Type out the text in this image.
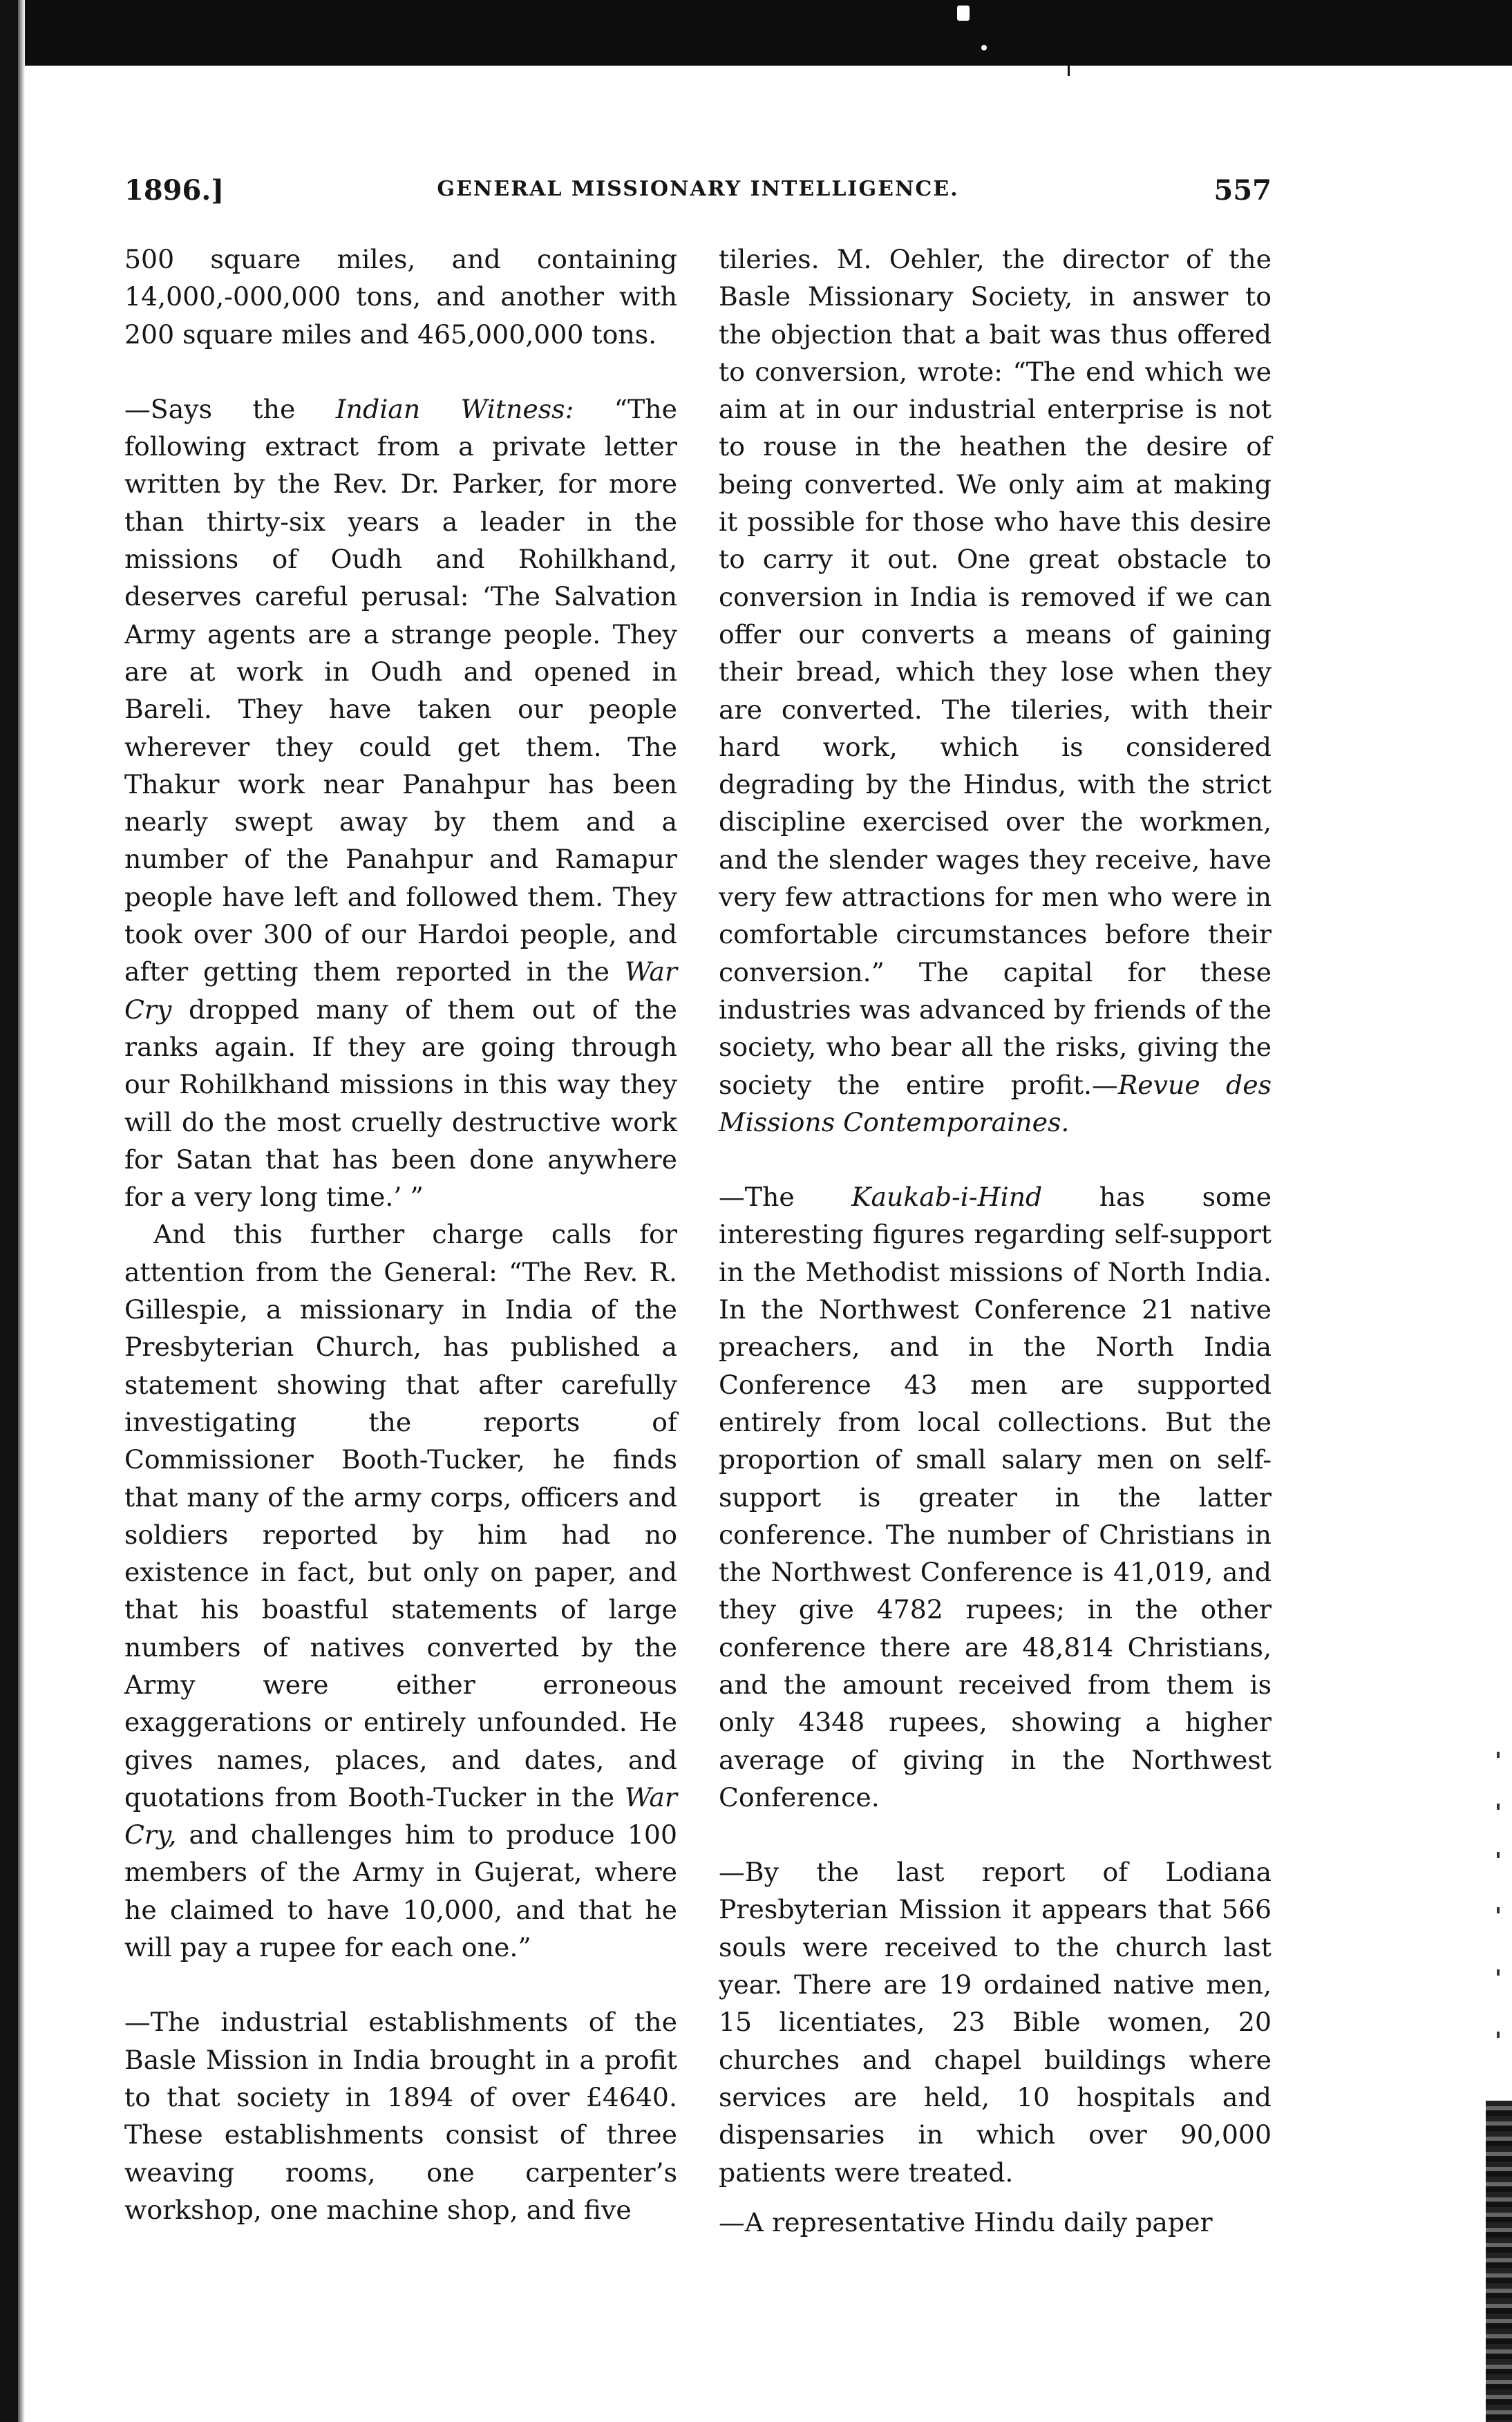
1896.]	GENERAL MISSIONARY INTELLIGENCE.	557

500 square miles, and containing 14,000,-000,000 tons, and another with 200 square miles and 465,000,000 tons.

—Says the Indian Witness: “The following extract from a private letter written by the Rev. Dr. Parker, for more than thirty-six years a leader in the missions of Oudh and Rohilkhand, deserves careful perusal: ‘The Salvation Army agents are a strange people. They are at work in Oudh and opened in Bareli. They have taken our people wherever they could get them. The Thakur work near Panahpur has been nearly swept away by them and a number of the Panahpur and Ramapur people have left and followed them. They took over 300 of our Hardoi people, and after getting them reported in the War Cry dropped many of them out of the ranks again. If they are going through our Rohilkhand missions in this way they will do the most cruelly destructive work for Satan that has been done anywhere for a very long time.’ ”

And this further charge calls for attention from the General: “The Rev. R. Gillespie, a missionary in India of the Presbyterian Church, has published a statement showing that after carefully investigating the reports of Commissioner Booth-Tucker, he finds that many of the army corps, officers and soldiers reported by him had no existence in fact, but only on paper, and that his boastful statements of large numbers of natives converted by the Army were either erroneous exaggerations or entirely unfounded. He gives names, places, and dates, and quotations from Booth-Tucker in the War Cry, and challenges him to produce 100 members of the Army in Gujerat, where he claimed to have 10,000, and that he will pay a rupee for each one.”

—The industrial establishments of the Basle Mission in India brought in a profit to that society in 1894 of over £4640. These establishments consist of three weaving rooms, one carpenter’s workshop, one machine shop, and five

tileries. M. Oehler, the director of the Basle Missionary Society, in answer to the objection that a bait was thus offered to conversion, wrote: “The end which we aim at in our industrial enterprise is not to rouse in the heathen the desire of being converted. We only aim at making it possible for those who have this desire to carry it out. One great obstacle to conversion in India is removed if we can offer our converts a means of gaining their bread, which they lose when they are converted. The tileries, with their hard work, which is considered degrading by the Hindus, with the strict discipline exercised over the workmen, and the slender wages they receive, have very few attractions for men who were in comfortable circumstances before their conversion.” The capital for these industries was advanced by friends of the society, who bear all the risks, giving the society the entire profit.—Revue des Missions Contemporaines.

—The Kaukab-i-Hind has some interesting figures regarding self-support in the Methodist missions of North India. In the Northwest Conference 21 native preachers, and in the North India Conference 43 men are supported entirely from local collections. But the proportion of small salary men on self-support is greater in the latter conference. The number of Christians in the Northwest Conference is 41,019, and they give 4782 rupees; in the other conference there are 48,814 Christians, and the amount received from them is only 4348 rupees, showing a higher average of giving in the Northwest Conference.

—By the last report of Lodiana Presbyterian Mission it appears that 566 souls were received to the church last year. There are 19 ordained native men, 15 licentiates, 23 Bible women, 20 churches and chapel buildings where services are held, 10 hospitals and dispensaries in which over 90,000 patients were treated.

—A representative Hindu daily paper
